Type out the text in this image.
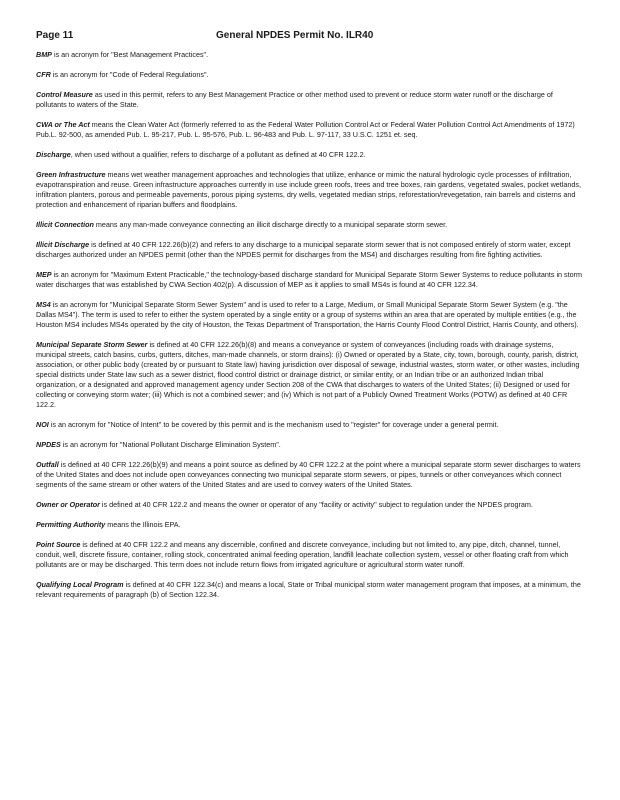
Page 11	General NPDES Permit No. ILR40

BMP is an acronym for "Best Management Practices".

CFR is an acronym for "Code of Federal Regulations".

Control Measure as used in this permit, refers to any Best Management Practice or other method used to prevent or reduce storm water runoff or the discharge of pollutants to waters of the State.

CWA or The Act means the Clean Water Act (formerly referred to as the Federal Water Pollution Control Act or Federal Water Pollution Control Act Amendments of 1972) Pub.L. 92-500, as amended Pub. L. 95-217, Pub. L. 95-576, Pub. L. 96-483 and Pub. L. 97-117, 33 U.S.C. 1251 et. seq.

Discharge, when used without a qualifier, refers to discharge of a pollutant as defined at 40 CFR 122.2.

Green Infrastructure means wet weather management approaches and technologies that utilize, enhance or mimic the natural hydrologic cycle processes of infiltration, evapotranspiration and reuse. Green infrastructure approaches currently in use include green roofs, trees and tree boxes, rain gardens, vegetated swales, pocket wetlands, infiltration planters, porous and permeable pavements, porous piping systems, dry wells, vegetated median strips, reforestation/revegetation, rain barrels and cisterns and protection and enhancement of riparian buffers and floodplains.

Illicit Connection means any man-made conveyance connecting an illicit discharge directly to a municipal separate storm sewer.

Illicit Discharge is defined at 40 CFR 122.26(b)(2) and refers to any discharge to a municipal separate storm sewer that is not composed entirely of storm water, except discharges authorized under an NPDES permit (other than the NPDES permit for discharges from the MS4) and discharges resulting from fire fighting activities.

MEP is an acronym for "Maximum Extent Practicable," the technology-based discharge standard for Municipal Separate Storm Sewer Systems to reduce pollutants in storm water discharges that was established by CWA Section 402(p). A discussion of MEP as it applies to small MS4s is found at 40 CFR 122.34.

MS4 is an acronym for "Municipal Separate Storm Sewer System" and is used to refer to a Large, Medium, or Small Municipal Separate Storm Sewer System (e.g. "the Dallas MS4"). The term is used to refer to either the system operated by a single entity or a group of systems within an area that are operated by multiple entities (e.g., the Houston MS4 includes MS4s operated by the city of Houston, the Texas Department of Transportation, the Harris County Flood Control District, Harris County, and others).

Municipal Separate Storm Sewer is defined at 40 CFR 122.26(b)(8) and means a conveyance or system of conveyances (including roads with drainage systems, municipal streets, catch basins, curbs, gutters, ditches, man-made channels, or storm drains): (i) Owned or operated by a State, city, town, borough, county, parish, district, association, or other public body (created by or pursuant to State law) having jurisdiction over disposal of sewage, industrial wastes, storm water, or other wastes, including special districts under State law such as a sewer district, flood control district or drainage district, or similar entity, or an Indian tribe or an authorized Indian tribal organization, or a designated and approved management agency under Section 208 of the CWA that discharges to waters of the United States; (ii) Designed or used for collecting or conveying storm water; (iii) Which is not a combined sewer; and (iv) Which is not part of a Publicly Owned Treatment Works (POTW) as defined at 40 CFR 122.2.

NOI is an acronym for "Notice of Intent" to be covered by this permit and is the mechanism used to "register" for coverage under a general permit.

NPDES is an acronym for "National Pollutant Discharge Elimination System".

Outfall is defined at 40 CFR 122.26(b)(9) and means a point source as defined by 40 CFR 122.2 at the point where a municipal separate storm sewer discharges to waters of the United States and does not include open conveyances connecting two municipal separate storm sewers, or pipes, tunnels or other conveyances which connect segments of the same stream or other waters of the United States and are used to convey waters of the United States.

Owner or Operator is defined at 40 CFR 122.2 and means the owner or operator of any "facility or activity" subject to regulation under the NPDES program.

Permitting Authority means the Illinois EPA.

Point Source is defined at 40 CFR 122.2 and means any discernible, confined and discrete conveyance, including but not limited to, any pipe, ditch, channel, tunnel, conduit, well, discrete fissure, container, rolling stock, concentrated animal feeding operation, landfill leachate collection system, vessel or other floating craft from which pollutants are or may be discharged. This term does not include return flows from irrigated agriculture or agricultural storm water runoff.

Qualifying Local Program is defined at 40 CFR 122.34(c) and means a local, State or Tribal municipal storm water management program that imposes, at a minimum, the relevant requirements of paragraph (b) of Section 122.34.
